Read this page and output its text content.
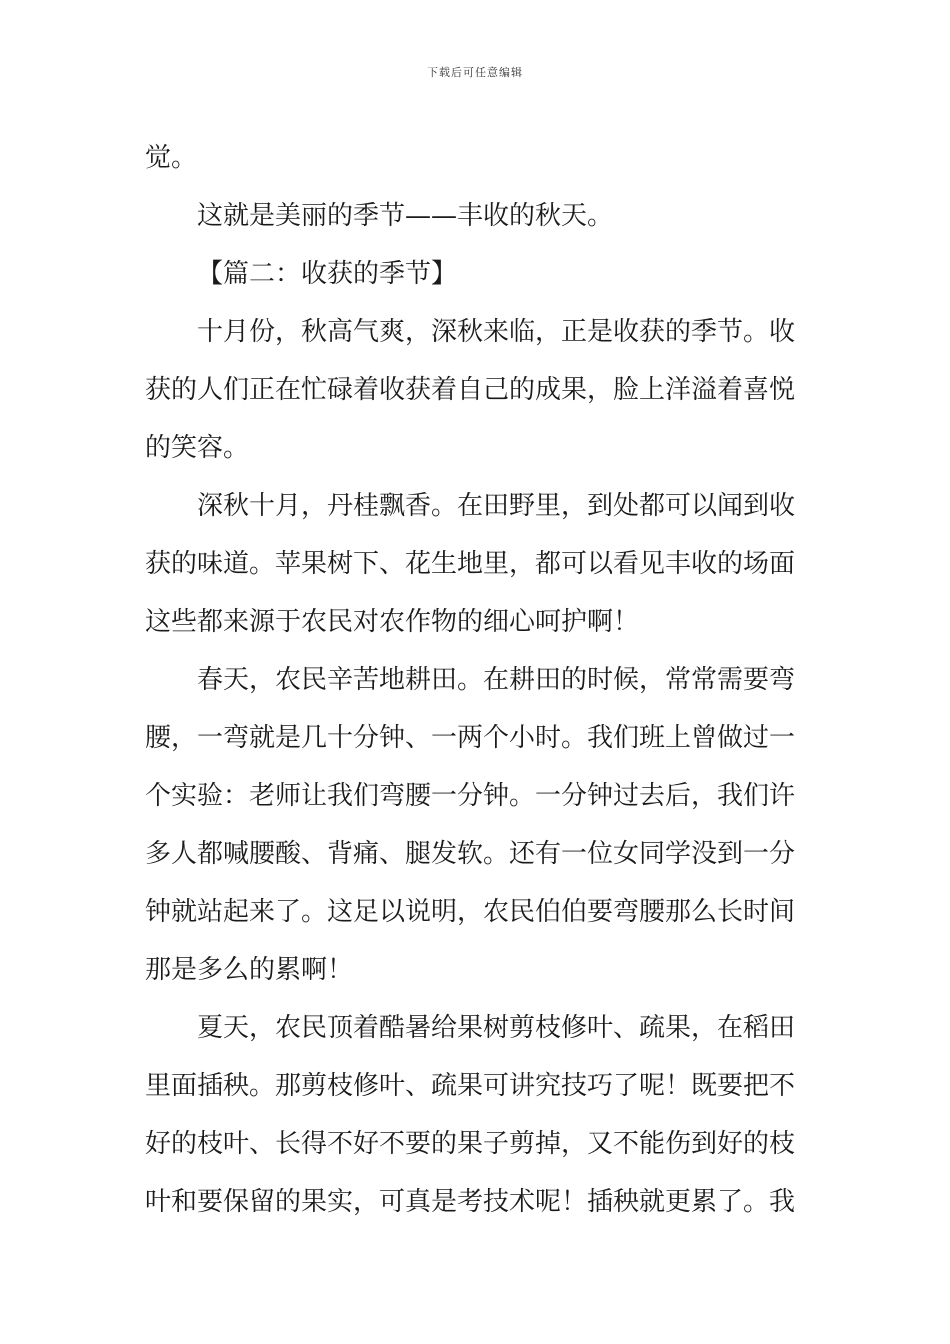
下载后可任意编辑
觉。
这就是美丽的季节——丰收的秋天。
【篇二：收获的季节】
十月份，秋高气爽，深秋来临，正是收获的季节。收
获的人们正在忙碌着收获着自己的成果，脸上洋溢着喜悦
的笑容。
深秋十月，丹桂飘香。在田野里，到处都可以闻到收
获的味道。苹果树下、花生地里，都可以看见丰收的场面
这些都来源于农民对农作物的细心呵护啊！
春天，农民辛苦地耕田。在耕田的时候，常常需要弯
腰，一弯就是几十分钟、一两个小时。我们班上曾做过一
个实验：老师让我们弯腰一分钟。一分钟过去后，我们许
多人都喊腰酸、背痛、腿发软。还有一位女同学没到一分
钟就站起来了。这足以说明，农民伯伯要弯腰那么长时间
那是多么的累啊！
夏天，农民顶着酷暑给果树剪枝修叶、疏果，在稻田
里面插秧。那剪枝修叶、疏果可讲究技巧了呢！既要把不
好的枝叶、长得不好不要的果子剪掉，又不能伤到好的枝
叶和要保留的果实，可真是考技术呢！插秧就更累了。我
